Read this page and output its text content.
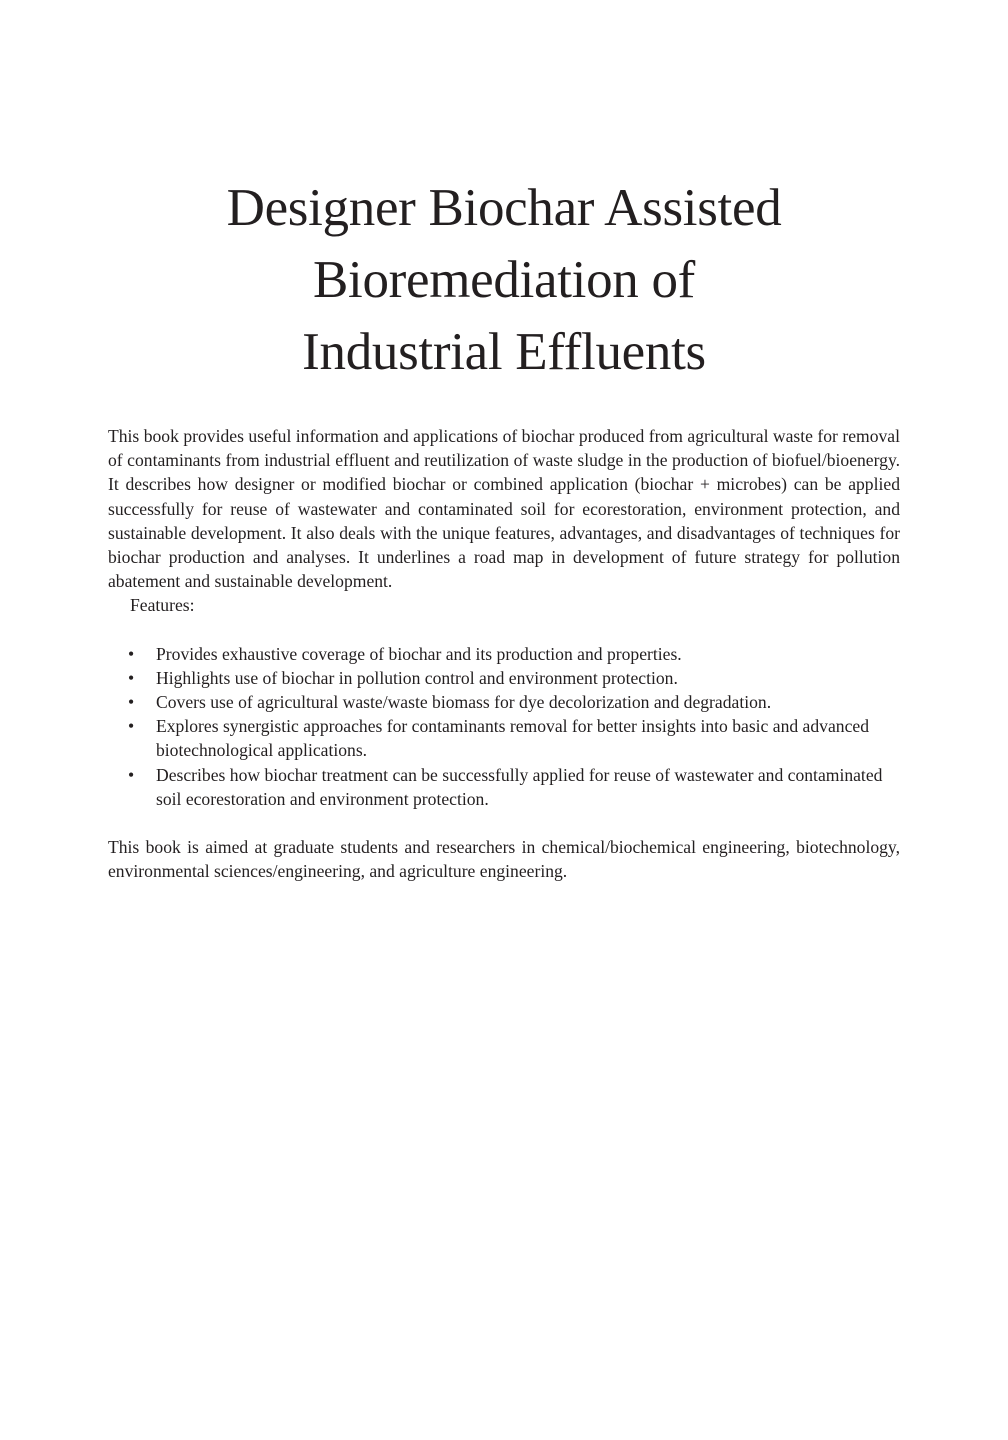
Designer Biochar Assisted
Bioremediation of
Industrial Effluents

This book provides useful information and applications of biochar produced from agricultural waste for removal of contaminants from industrial effluent and reutilization of waste sludge in the production of biofuel/bioenergy. It describes how designer or modified biochar or combined application (biochar + microbes) can be applied successfully for reuse of wastewater and contaminated soil for ecorestoration, environment protection, and sustainable development. It also deals with the unique features, advantages, and disadvantages of techniques for biochar production and analyses. It underlines a road map in development of future strategy for pollution abatement and sustainable development.

Features:

• Provides exhaustive coverage of biochar and its production and properties.
• Highlights use of biochar in pollution control and environment protection.
• Covers use of agricultural waste/waste biomass for dye decolorization and degradation.
• Explores synergistic approaches for contaminants removal for better insights into basic and advanced biotechnological applications.
• Describes how biochar treatment can be successfully applied for reuse of wastewater and contaminated soil ecorestoration and environment protection.

This book is aimed at graduate students and researchers in chemical/biochemical engineering, biotechnology, environmental sciences/engineering, and agriculture engineering.
